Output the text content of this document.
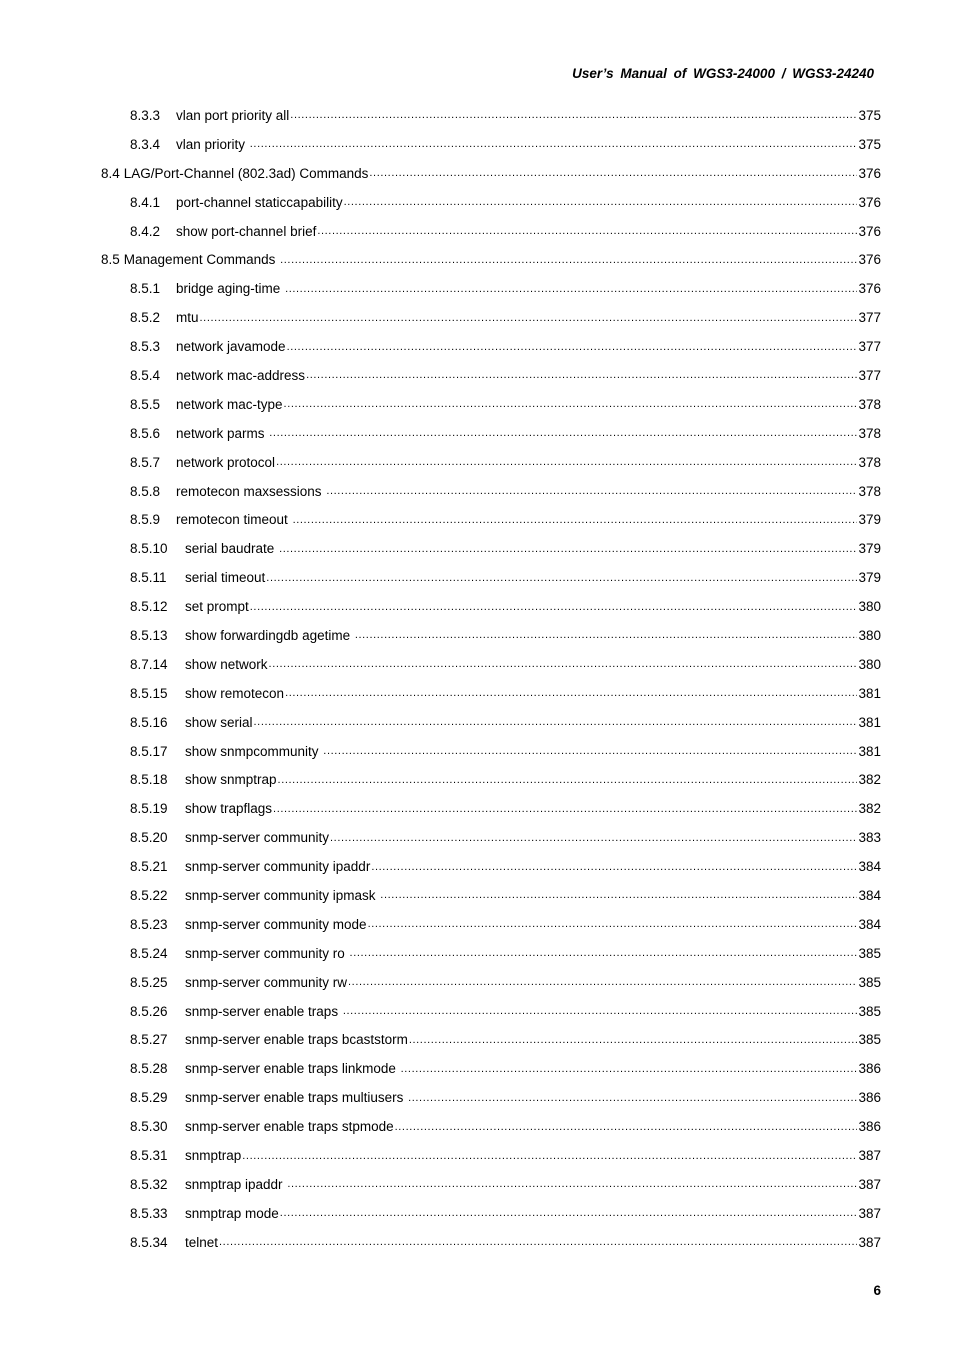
User’s Manual of WGS3-24000 / WGS3-24240
8.3.3	vlan port priority all .....	375
8.3.4	vlan priority .....	375
8.4 LAG/Port-Channel (802.3ad) Commands .....	376
8.4.1	port-channel staticcapability .....	376
8.4.2	show port-channel brief .....	376
8.5 Management Commands .....	376
8.5.1	bridge aging-time .....	376
8.5.2	mtu .....	377
8.5.3	network javamode .....	377
8.5.4	network mac-address .....	377
8.5.5	network mac-type .....	378
8.5.6	network parms .....	378
8.5.7	network protocol .....	378
8.5.8	remotecon maxsessions .....	378
8.5.9	remotecon timeout .....	379
8.5.10	serial baudrate .....	379
8.5.11	serial timeout .....	379
8.5.12	set prompt .....	380
8.5.13	show forwardingdb agetime .....	380
8.7.14	show network .....	380
8.5.15	show remotecon .....	381
8.5.16	show serial .....	381
8.5.17	show snmpcommunity .....	381
8.5.18	show snmptrap .....	382
8.5.19	show trapflags .....	382
8.5.20	snmp-server community .....	383
8.5.21	snmp-server community ipaddr .....	384
8.5.22	snmp-server community ipmask .....	384
8.5.23	snmp-server community mode .....	384
8.5.24	snmp-server community ro .....	385
8.5.25	snmp-server community rw .....	385
8.5.26	snmp-server enable traps .....	385
8.5.27	snmp-server enable traps bcaststorm .....	385
8.5.28	snmp-server enable traps linkmode .....	386
8.5.29	snmp-server enable traps multiusers .....	386
8.5.30	snmp-server enable traps stpmode .....	386
8.5.31	snmptrap .....	387
8.5.32	snmptrap ipaddr .....	387
8.5.33	snmptrap mode .....	387
8.5.34	telnet .....	387
6
